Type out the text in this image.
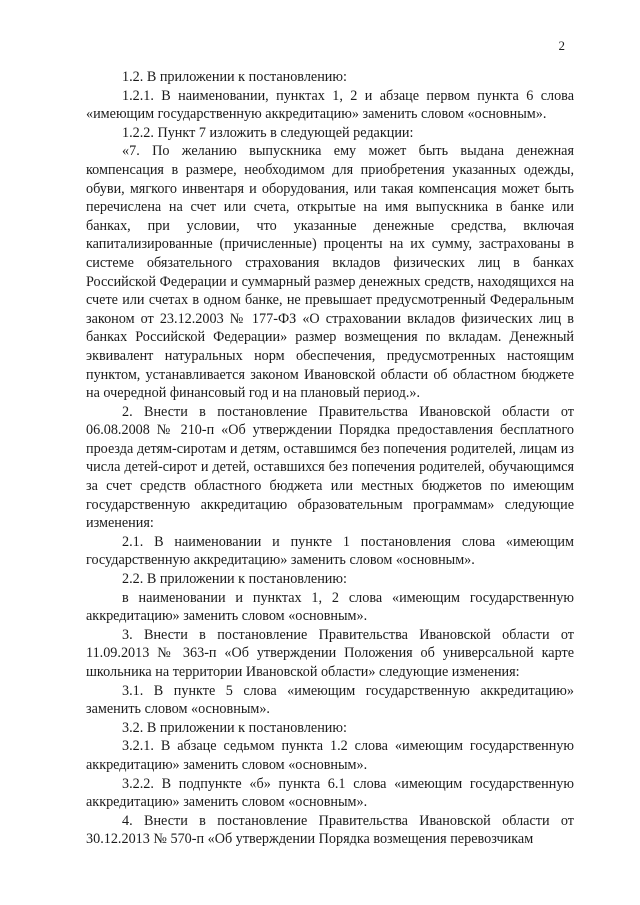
2

1.2. В приложении к постановлению:

1.2.1. В наименовании, пунктах 1, 2 и абзаце первом пункта 6 слова «имеющим государственную аккредитацию» заменить словом «основным».

1.2.2. Пункт 7 изложить в следующей редакции:

«7. По желанию выпускника ему может быть выдана денежная компенсация в размере, необходимом для приобретения указанных одежды, обуви, мягкого инвентаря и оборудования, или такая компенсация может быть перечислена на счет или счета, открытые на имя выпускника в банке или банках, при условии, что указанные денежные средства, включая капитализированные (причисленные) проценты на их сумму, застрахованы в системе обязательного страхования вкладов физических лиц в банках Российской Федерации и суммарный размер денежных средств, находящихся на счете или счетах в одном банке, не превышает предусмотренный Федеральным законом от 23.12.2003 № 177-ФЗ «О страховании вкладов физических лиц в банках Российской Федерации» размер возмещения по вкладам. Денежный эквивалент натуральных норм обеспечения, предусмотренных настоящим пунктом, устанавливается законом Ивановской области об областном бюджете на очередной финансовый год и на плановый период.».

2. Внести в постановление Правительства Ивановской области от 06.08.2008 № 210-п «Об утверждении Порядка предоставления бесплатного проезда детям-сиротам и детям, оставшимся без попечения родителей, лицам из числа детей-сирот и детей, оставшихся без попечения родителей, обучающимся за счет средств областного бюджета или местных бюджетов по имеющим государственную аккредитацию образовательным программам» следующие изменения:

2.1. В наименовании и пункте 1 постановления слова «имеющим государственную аккредитацию» заменить словом «основным».

2.2. В приложении к постановлению:

в наименовании и пунктах 1, 2 слова «имеющим государственную аккредитацию» заменить словом «основным».

3. Внести в постановление Правительства Ивановской области от 11.09.2013 № 363-п «Об утверждении Положения об универсальной карте школьника на территории Ивановской области» следующие изменения:

3.1. В пункте 5 слова «имеющим государственную аккредитацию» заменить словом «основным».

3.2. В приложении к постановлению:

3.2.1. В абзаце седьмом пункта 1.2 слова «имеющим государственную аккредитацию» заменить словом «основным».

3.2.2. В подпункте «б» пункта 6.1 слова «имеющим государственную аккредитацию» заменить словом «основным».

4. Внести в постановление Правительства Ивановской области от 30.12.2013 № 570-п «Об утверждении Порядка возмещения перевозчикам
